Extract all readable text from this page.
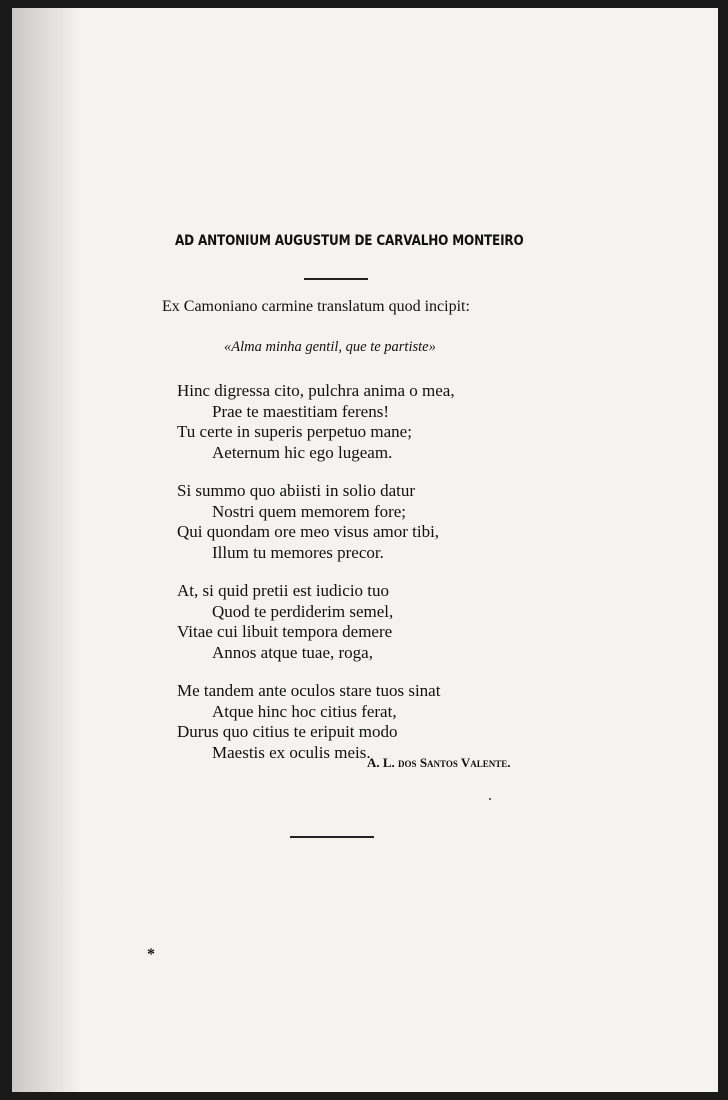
AD ANTONIUM AUGUSTUM DE CARVALHO MONTEIRO
Ex Camoniano carmine translatum quod incipit:
«Alma minha gentil, que te partiste»
Hinc digressa cito, pulchra anima o mea,
Prae te maestitiam ferens!
Tu certe in superis perpetuo mane;
Aeternum hic ego lugeam.
Si summo quo abiisti in solio datur
Nostri quem memorem fore;
Qui quondam ore meo visus amor tibi,
Illum tu memores precor.
At, si quid pretii est iudicio tuo
Quod te perdiderim semel,
Vitae cui libuit tempora demere
Annos atque tuae, roga,
Me tandem ante oculos stare tuos sinat
Atque hinc hoc citius ferat,
Durus quo citius te eripuit modo
Maestis ex oculis meis.
A. L. dos Santos Valente.
*
